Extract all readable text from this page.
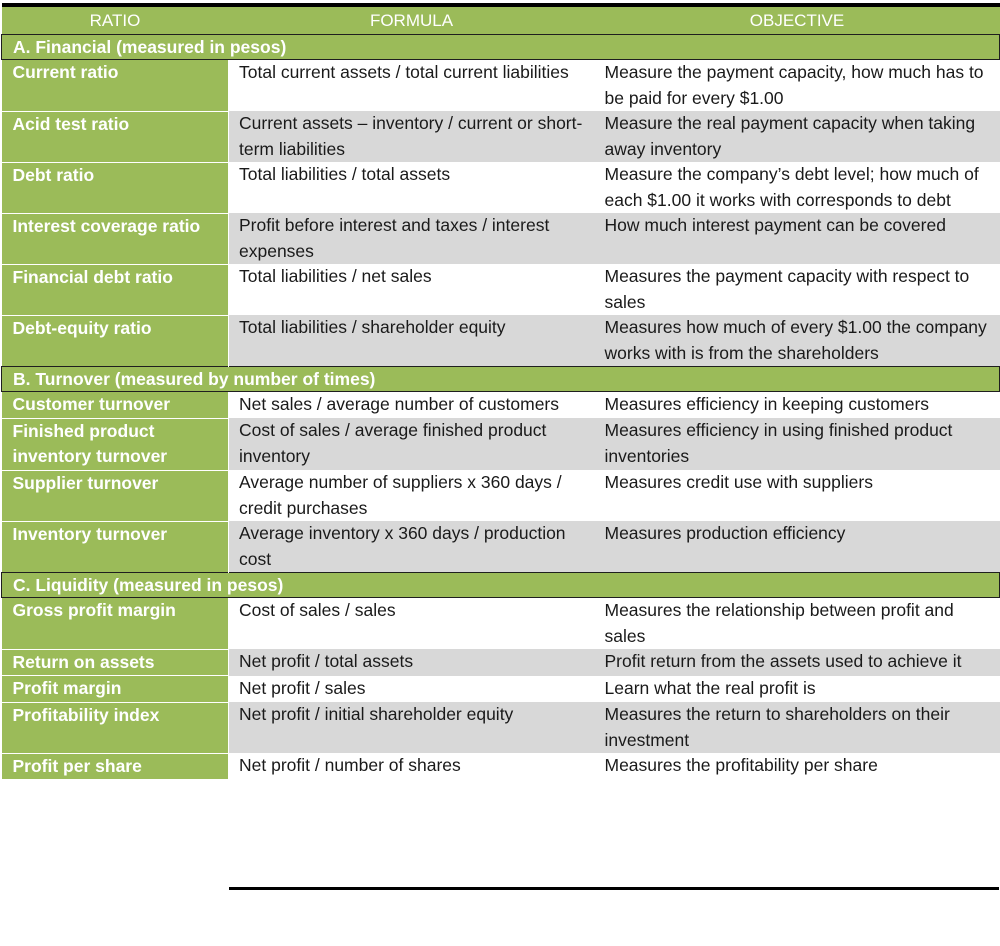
RATIO	FORMULA	OBJECTIVE
A. Financial (measured in pesos)		
Current ratio	Total current assets / total current liabilities	Measure the payment capacity, how much has to be paid for every $1.00
Acid test ratio	Current assets – inventory / current or short-term liabilities	Measure the real payment capacity when taking away inventory
Debt ratio	Total liabilities / total assets	Measure the company’s debt level; how much of each $1.00 it works with corresponds to debt
Interest coverage ratio	Profit before interest and taxes / interest expenses	How much interest payment can be covered
Financial debt ratio	Total liabilities / net sales	Measures the payment capacity with respect to sales
Debt-equity ratio	Total liabilities / shareholder equity	Measures how much of every $1.00 the company works with is from the shareholders
B. Turnover (measured by number of times)		
Customer turnover	Net sales / average number of customers	Measures efficiency in keeping customers
Finished product inventory turnover	Cost of sales / average finished product inventory	Measures efficiency in using finished product inventories
Supplier turnover	Average number of suppliers x 360 days / credit purchases	Measures credit use with suppliers
Inventory turnover	Average inventory x 360 days / production cost	Measures production efficiency
C. Liquidity (measured in pesos)		
Gross profit margin	Cost of sales / sales	Measures the relationship between profit and sales
Return on assets	Net profit / total assets	Profit return from the assets used to achieve it
Profit margin	Net profit / sales	Learn what the real profit is
Profitability index	Net profit / initial shareholder equity	Measures the return to shareholders on their investment
Profit per share	Net profit / number of shares	Measures the profitability per share
